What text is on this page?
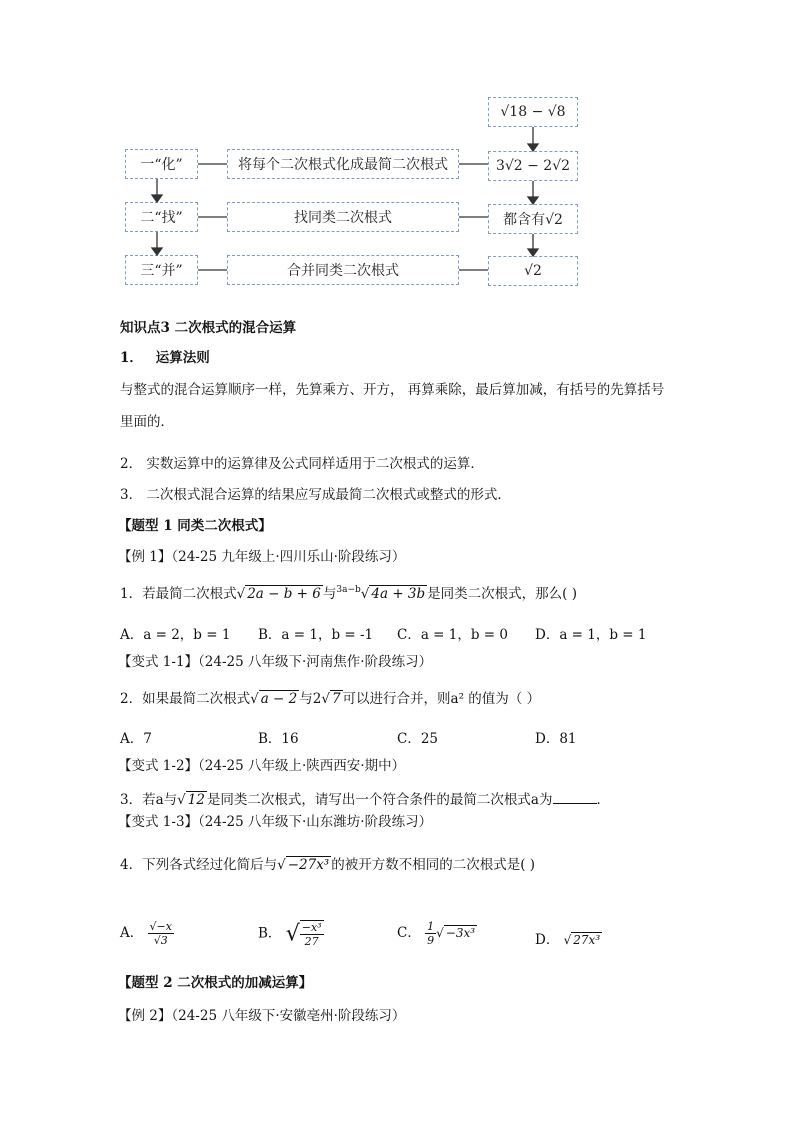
√18 − √8
一“化”	将每个二次根式化成最简二次根式	3√2 − 2√2
二“找”	找同类二次根式	都含有√2
三“并”	合并同类二次根式	√2
知识点3 二次根式的混合运算
1． 运算法则
与整式的混合运算顺序一样，先算乘方、开方， 再算乘除，最后算加减，有括号的先算括号
里面的．
2． 实数运算中的运算律及公式同样适用于二次根式的运算．
3． 二次根式混合运算的结果应写成最简二次根式或整式的形式．
【题型 1 同类二次根式】
【例 1】（24-25 九年级上·四川乐山·阶段练习）
1．若最简二次根式√ 2a − b + 6 与$^{3a-b}$√ 4a + 3b 是同类二次根式，那么( )
A．a = 2，b = 1 B．a = 1，b = -1 C．a = 1，b = 0 D．a = 1，b = 1
【变式 1-1】（24-25 八年级下·河南焦作·阶段练习）
2．如果最简二次根式√ a − 2 与2√ 7 可以进行合并，则a² 的值为（ ）
A．7	B．16	C．25	D．81
【变式 1-2】（24-25 八年级上·陕西西安·期中）
3．若a与√ 12 是同类二次根式，请写出一个符合条件的最简二次根式a为	．
【变式 1-3】（24-25 八年级下·山东潍坊·阶段练习）
4．下列各式经过化简后与√ −27x³ 的被开方数不相同的二次根式是( )
A． $\frac{√-x}{√3}$	B． √ $\frac{\text{−x³}}{27}$	C． $\frac{1}{9}$ √ −3x³	D． √ 27x³
【题型 2 二次根式的加减运算】
【例 2】（24-25 八年级下·安徽亳州·阶段练习）
